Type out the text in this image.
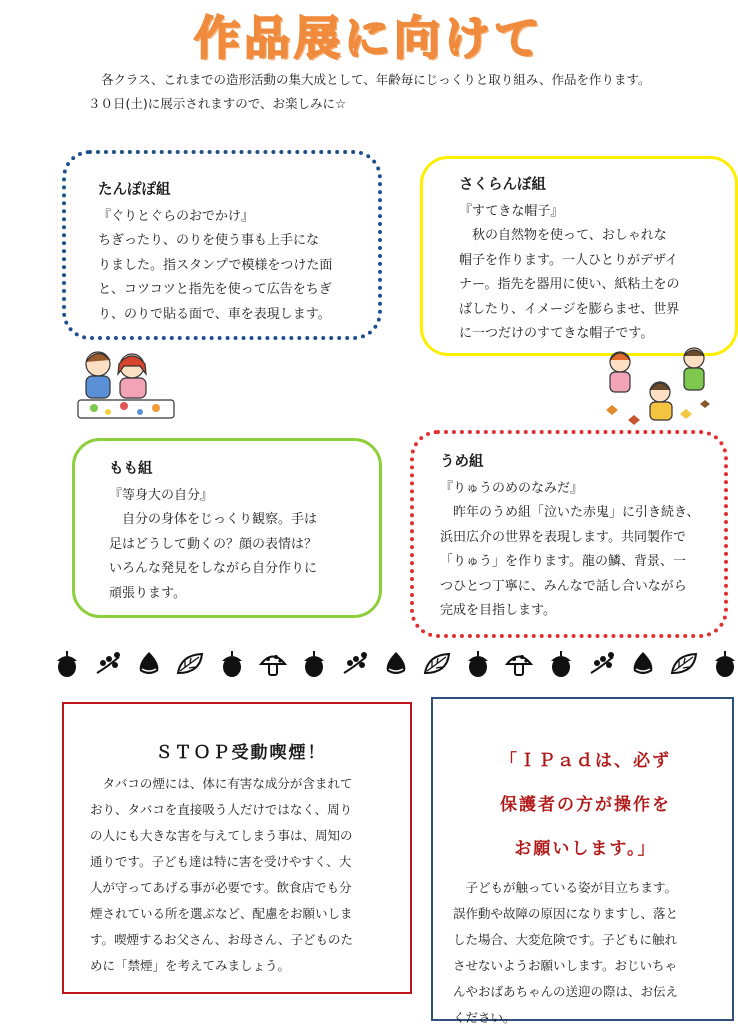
作品展に向けて
各クラス、これまでの造形活動の集大成として、年齢毎にじっくりと取り組み、作品を作ります。
３０日(土)に展示されますので、お楽しみに☆
たんぽぽ組
『ぐりとぐらのおでかけ』
ちぎったり、のりを使う事も上手にな
りました。指スタンプで模様をつけた面
と、コツコツと指先を使って広告をちぎ
り、のりで貼る面で、車を表現します。
さくらんぼ組
『すてきな帽子』
秋の自然物を使って、おしゃれな
帽子を作ります。一人ひとりがデザイ
ナー。指先を器用に使い、紙粘土をの
ばしたり、イメージを膨らませ、世界
に一つだけのすてきな帽子です。
もも組
『等身大の自分』
自分の身体をじっくり観察。手は
足はどうして動くの？顔の表情は？
いろんな発見をしながら自分作りに
頑張ります。
うめ組
『りゅうのめのなみだ』
昨年のうめ組「泣いた赤鬼」に引き続き、
浜田広介の世界を表現します。共同製作で
「りゅう」を作ります。龍の鱗、背景、一
つひとつ丁寧に、みんなで話し合いながら
完成を目指します。
ＳＴＯＰ受動喫煙！
タバコの煙には、体に有害な成分が含まれて
おり、タバコを直接吸う人だけではなく、周り
の人にも大きな害を与えてしまう事は、周知の
通りです。子ども達は特に害を受けやすく、大
人が守ってあげる事が必要です。飲食店でも分
煙されている所を選ぶなど、配慮をお願いしま
す。喫煙するお父さん、お母さん、子どものた
めに「禁煙」を考えてみましょう。
「ＩＰａｄは、必ず
保護者の方が操作を
お願いします。」
子どもが触っている姿が目立ちます。
誤作動や故障の原因になりますし、落と
した場合、大変危険です。子どもに触れ
させないようお願いします。おじいちゃ
んやおばあちゃんの送迎の際は、お伝え
ください。
